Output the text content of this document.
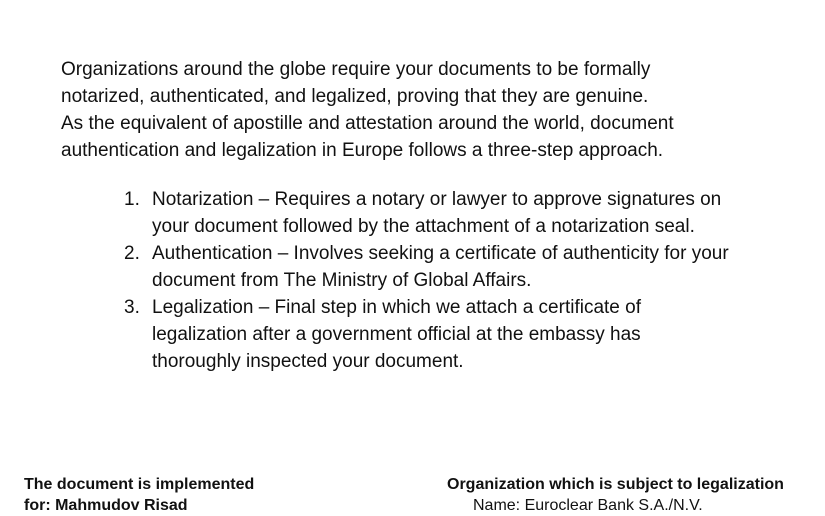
Organizations around the globe require your documents to be formally
notarized, authenticated, and legalized, proving that they are genuine.
As the equivalent of apostille and attestation around the world, document
authentication and legalization in Europe follows a three-step approach.
1. Notarization – Requires a notary or lawyer to approve signatures on
your document followed by the attachment of a notarization seal.
2. Authentication – Involves seeking a certificate of authenticity for your
document from The Ministry of Global Affairs.
3. Legalization – Final step in which we attach a certificate of
legalization after a government official at the embassy has
thoroughly inspected your document.
The document is implemented
for: Mahmudov Risad
Organization which is subject to legalization
Name: Euroclear Bank S.A./N.V.
